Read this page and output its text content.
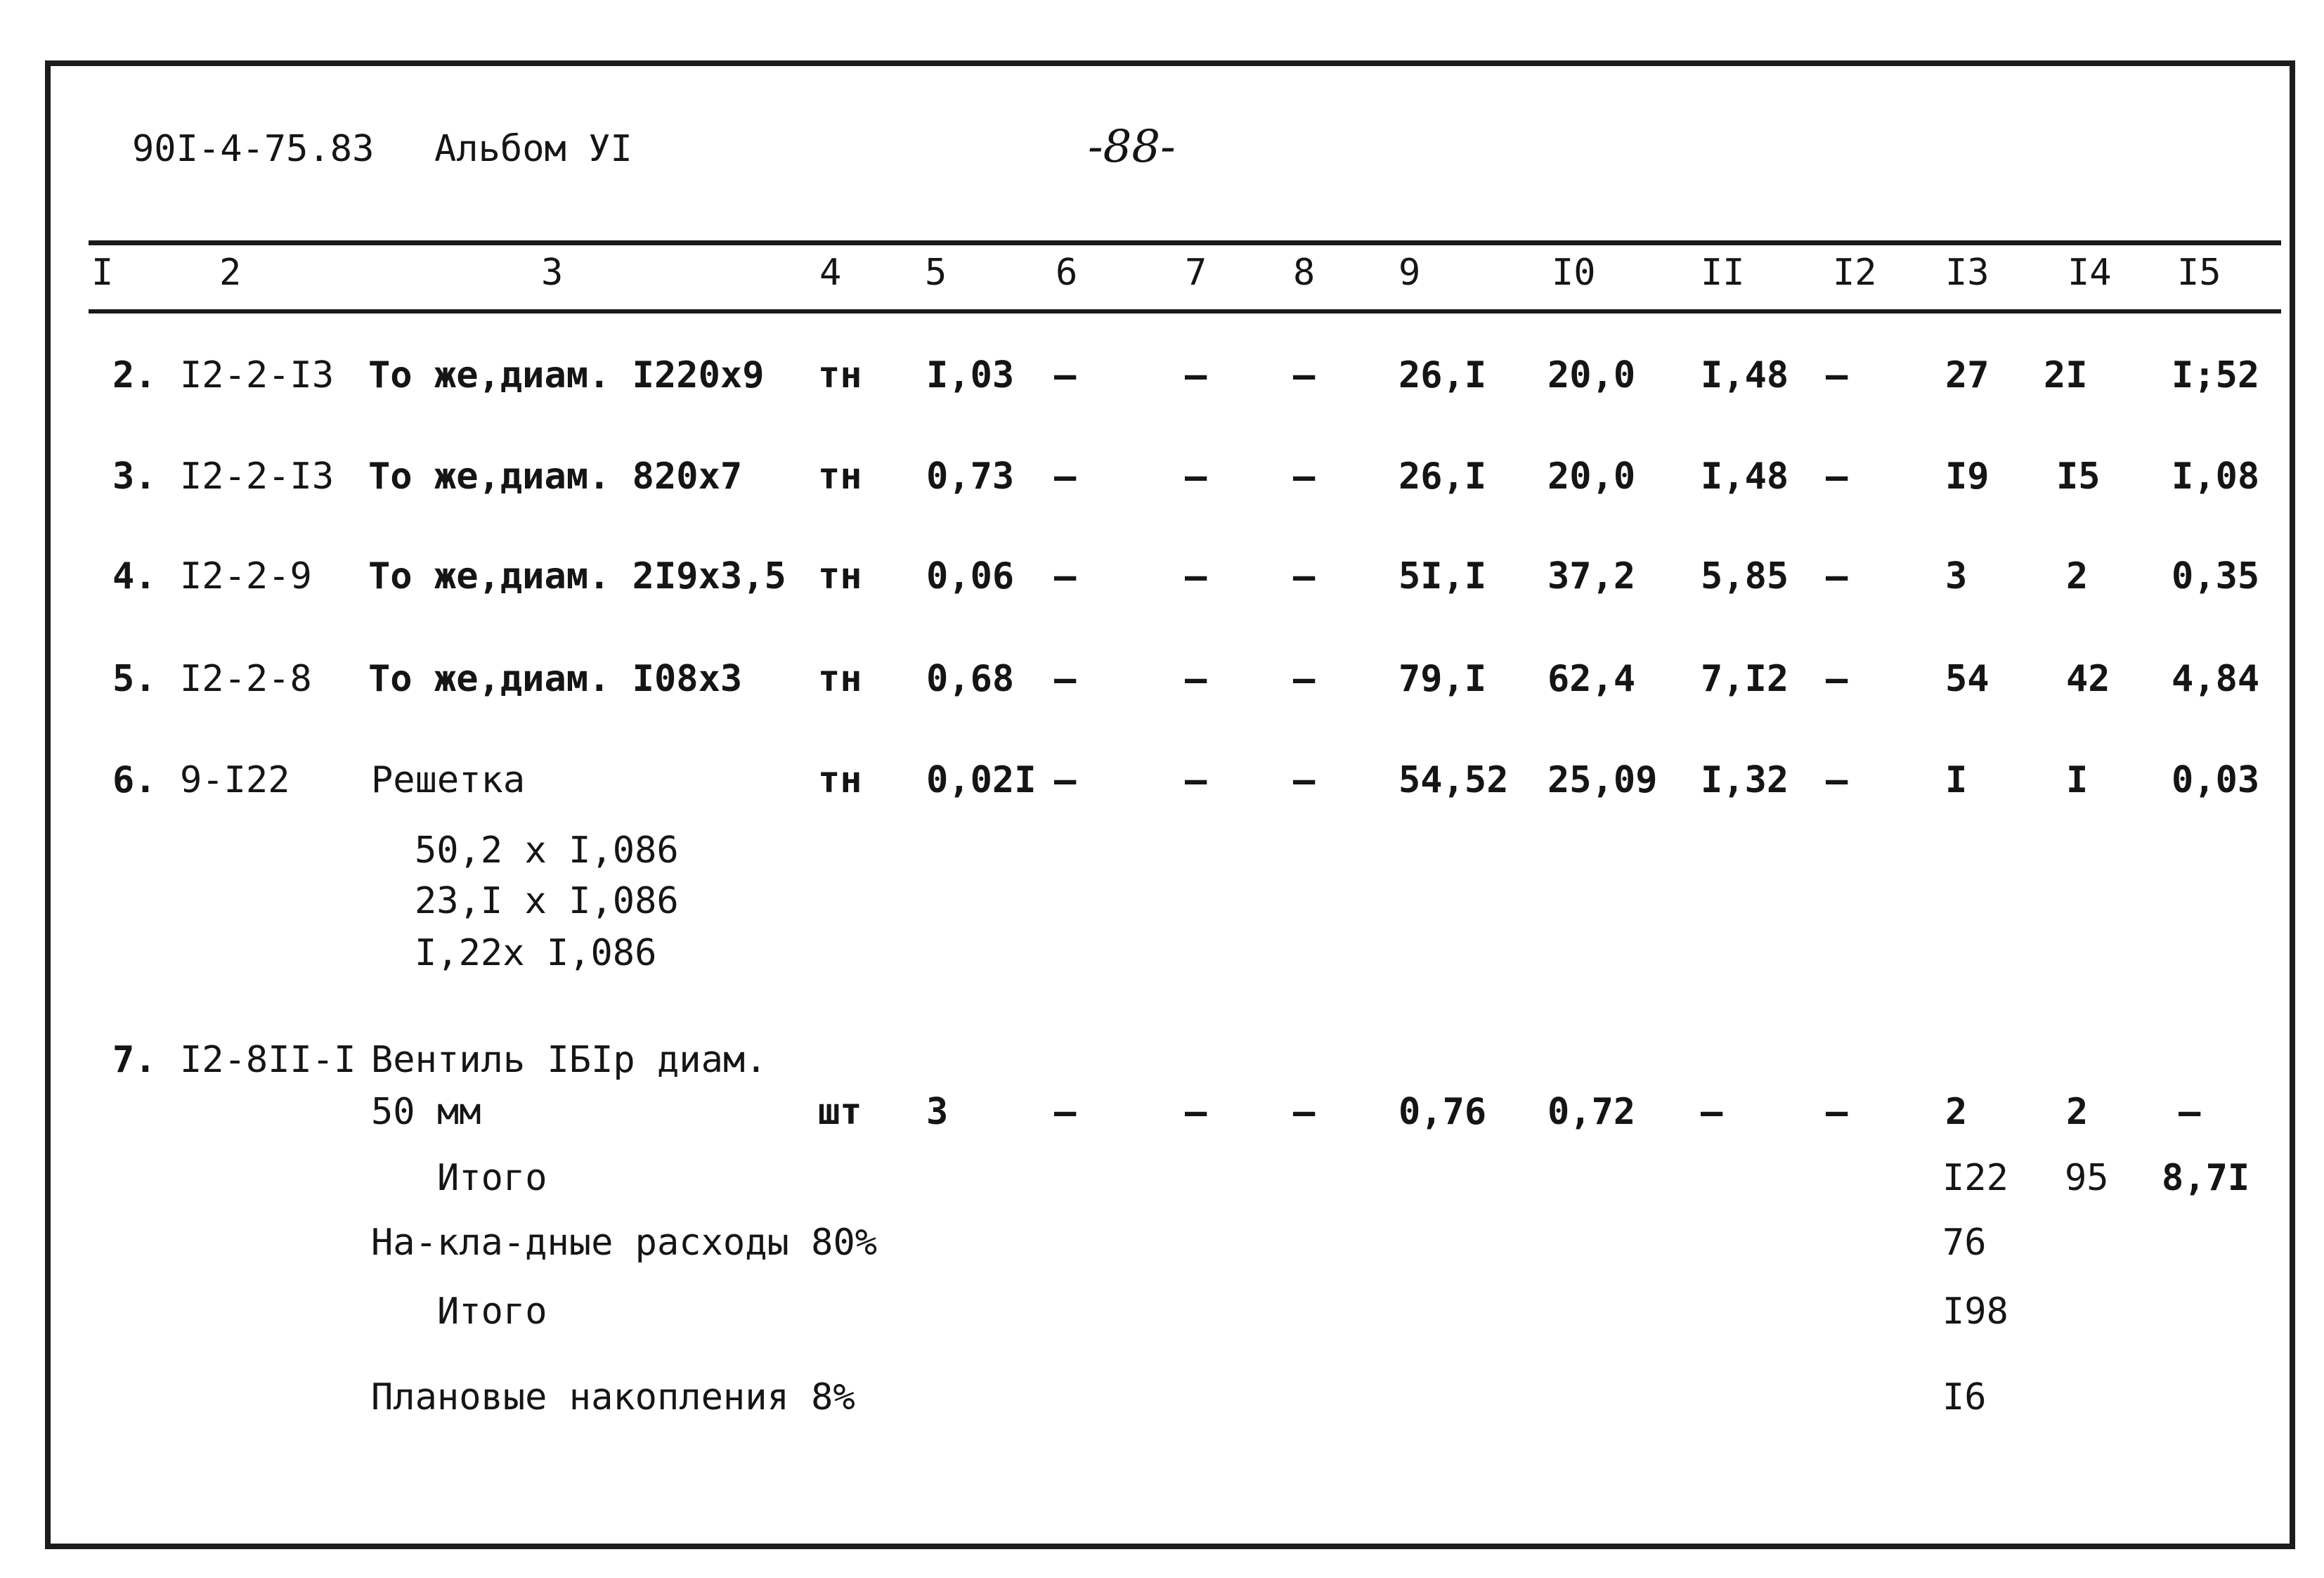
90I-4-75.83 Альбом УI	-88-
I	2	3	4 5	6	7 8 9	I0	II I2 I3 I4 I5
2. I2-2-I3 То же,диам. I220x9 тн I,03 –	– – 26,I 20,0 I,48 –	27 2I I;52
3. I2-2-I3 То же,диам. 820x7 тн 0,73 –	– – 26,I 20,0 I,48 –	I9 I5 I,08
4. I2-2-9 То же,диам. 2I9x3,5 тн 0,06 –	– – 5I,I 37,2 5,85 –	3	2 0,35
5. I2-2-8 То же,диам. I08x3 тн 0,68 –	– – 79,I 62,4 7,I2 –	54 42 4,84
6. 9-I22 Решетка	тн 0,02I –	– – 54,52 25,09 I,32 –	I	I 0,03
50,2 x I,086
23,I x I,086
I,22x I,086
7. I2-8II-I Вентиль IБIр диам.
50 мм	шт 3	–	– – 0,76 0,72 –	–	2	2 –
Итого	I22 95 8,7I
На-кла-дные расходы 80%	76
Итого	I98
Плановые накопления 8%	I6
